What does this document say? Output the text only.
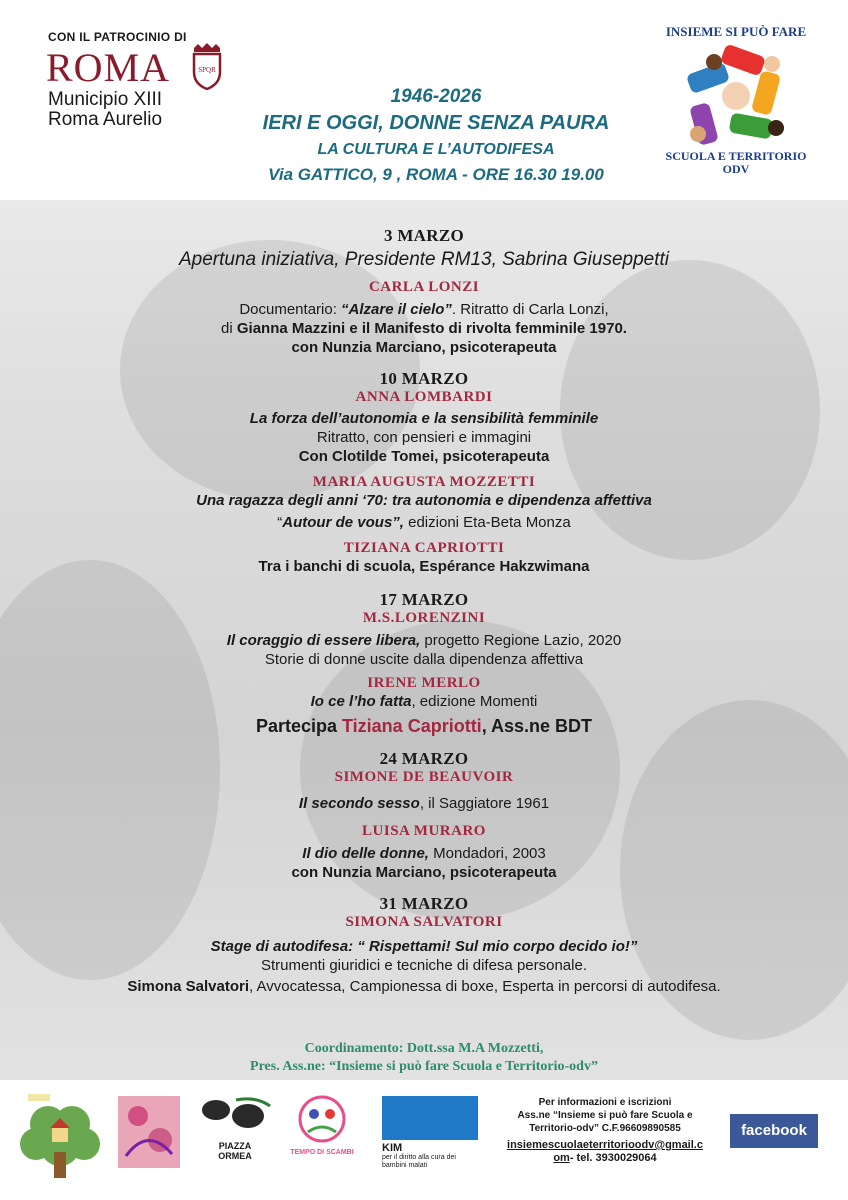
CON IL PATROCINIO DI
ROMA	SPQR
Municipio XIII
Roma Aurelio
1946-2026
IERI E OGGI, DONNE SENZA PAURA
LA CULTURA E L’AUTODIFESA
Via GATTICO, 9 , ROMA - ORE 16.30 19.00
INSIEME SI PUÒ FARE
SCUOLA E TERRITORIO
ODV

3 MARZO

Apertuna iniziativa, Presidente RM13, Sabrina Giuseppetti

CARLA LONZI

Documentario: “Alzare il cielo”. Ritratto di Carla Lonzi,

di Gianna Mazzini e il Manifesto di rivolta femminile 1970.

con Nunzia Marciano, psicoterapeuta

10 MARZO

ANNA LOMBARDI

La forza dell’autonomia e la sensibilità femminile

Ritratto, con pensieri e immagini

Con Clotilde Tomei, psicoterapeuta

MARIA AUGUSTA MOZZETTI

Una ragazza degli anni ‘70: tra autonomia e dipendenza affettiva

“Autour de vous”, edizioni Eta-Beta Monza

TIZIANA CAPRIOTTI

Tra i banchi di scuola, Espérance Hakzwimana

17 MARZO

M.S.LORENZINI

Il coraggio di essere libera, progetto Regione Lazio, 2020

Storie di donne uscite dalla dipendenza affettiva

IRENE MERLO

Io ce l’ho fatta, edizione Momenti

Partecipa Tiziana Capriotti, Ass.ne BDT

24 MARZO

SIMONE DE BEAUVOIR

Il secondo sesso, il Saggiatore 1961

LUISA MURARO

Il dio delle donne, Mondadori, 2003

con Nunzia Marciano, psicoterapeuta

31 MARZO

SIMONA SALVATORI

Stage di autodifesa: “ Rispettami! Sul mio corpo decido io!”

Strumenti giuridici e tecniche di difesa personale.

Simona Salvatori, Avvocatessa, Campionessa di boxe, Esperta in percorsi di autodifesa.

Coordinamento: Dott.ssa M.A Mozzetti,
Pres. Ass.ne: “Insieme si può fare Scuola e Territorio-odv”
PIAZZA
ORMEA	TEMPO DI SCAMBI	KIM
per il diritto alla cura dei bambini malati
Per informazioni e iscrizioni
Ass.ne “Insieme si può fare Scuola e
Territorio-odv” C.F.96609890585
insiemescuolaeterritorioodv@gmail.c
om- tel. 3930029064
facebook
